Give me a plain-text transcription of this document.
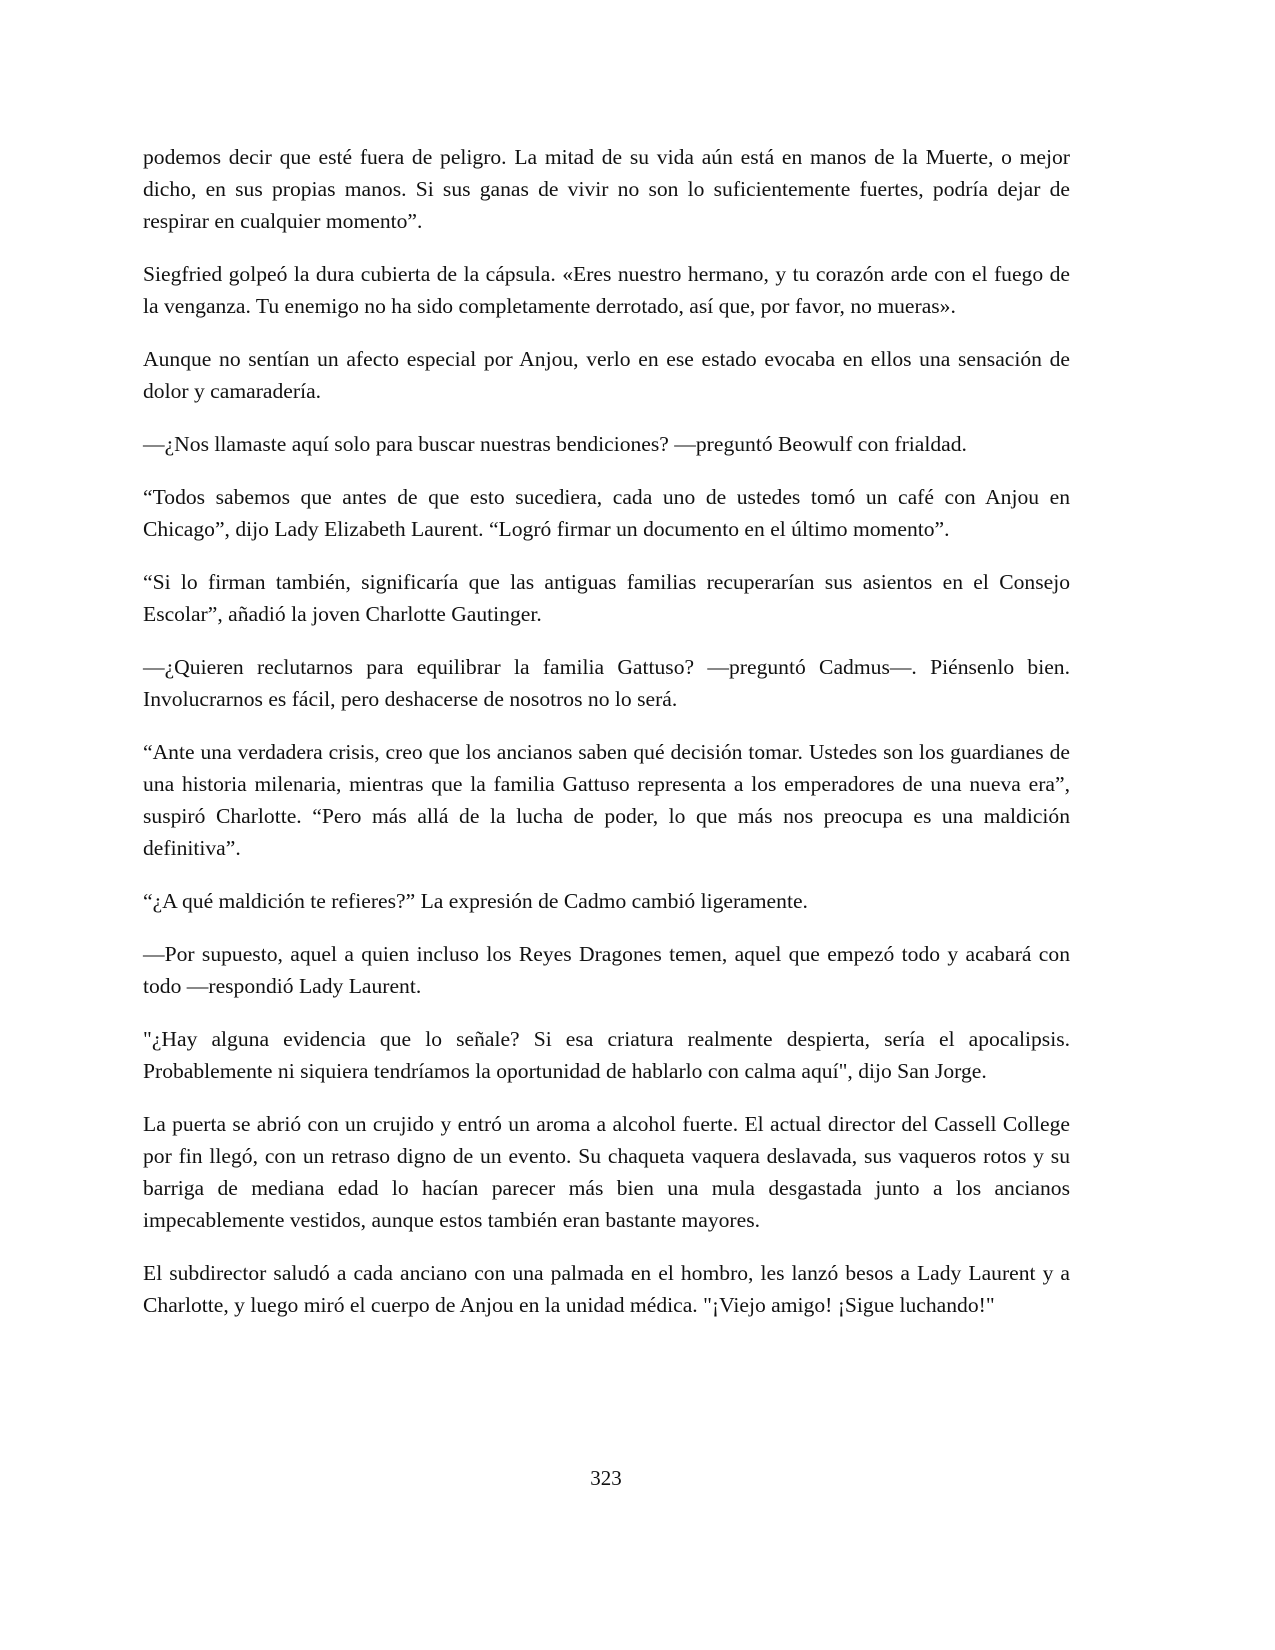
podemos decir que esté fuera de peligro. La mitad de su vida aún está en manos de la Muerte, o mejor dicho, en sus propias manos. Si sus ganas de vivir no son lo suficientemente fuertes, podría dejar de respirar en cualquier momento”.

Siegfried golpeó la dura cubierta de la cápsula. «Eres nuestro hermano, y tu corazón arde con el fuego de la venganza. Tu enemigo no ha sido completamente derrotado, así que, por favor, no mueras».

Aunque no sentían un afecto especial por Anjou, verlo en ese estado evocaba en ellos una sensación de dolor y camaradería.

—¿Nos llamaste aquí solo para buscar nuestras bendiciones? —preguntó Beowulf con frialdad.

“Todos sabemos que antes de que esto sucediera, cada uno de ustedes tomó un café con Anjou en Chicago”, dijo Lady Elizabeth Laurent. “Logró firmar un documento en el último momento”.

“Si lo firman también, significaría que las antiguas familias recuperarían sus asientos en el Consejo Escolar”, añadió la joven Charlotte Gautinger.

—¿Quieren reclutarnos para equilibrar la familia Gattuso? —preguntó Cadmus—. Piénsenlo bien. Involucrarnos es fácil, pero deshacerse de nosotros no lo será.

“Ante una verdadera crisis, creo que los ancianos saben qué decisión tomar. Ustedes son los guardianes de una historia milenaria, mientras que la familia Gattuso representa a los emperadores de una nueva era”, suspiró Charlotte. “Pero más allá de la lucha de poder, lo que más nos preocupa es una maldición definitiva”.

“¿A qué maldición te refieres?” La expresión de Cadmo cambió ligeramente.

—Por supuesto, aquel a quien incluso los Reyes Dragones temen, aquel que empezó todo y acabará con todo —respondió Lady Laurent.

"¿Hay alguna evidencia que lo señale? Si esa criatura realmente despierta, sería el apocalipsis. Probablemente ni siquiera tendríamos la oportunidad de hablarlo con calma aquí", dijo San Jorge.

La puerta se abrió con un crujido y entró un aroma a alcohol fuerte. El actual director del Cassell College por fin llegó, con un retraso digno de un evento. Su chaqueta vaquera deslavada, sus vaqueros rotos y su barriga de mediana edad lo hacían parecer más bien una mula desgastada junto a los ancianos impecablemente vestidos, aunque estos también eran bastante mayores.

El subdirector saludó a cada anciano con una palmada en el hombro, les lanzó besos a Lady Laurent y a Charlotte, y luego miró el cuerpo de Anjou en la unidad médica. "¡Viejo amigo! ¡Sigue luchando!"

323
